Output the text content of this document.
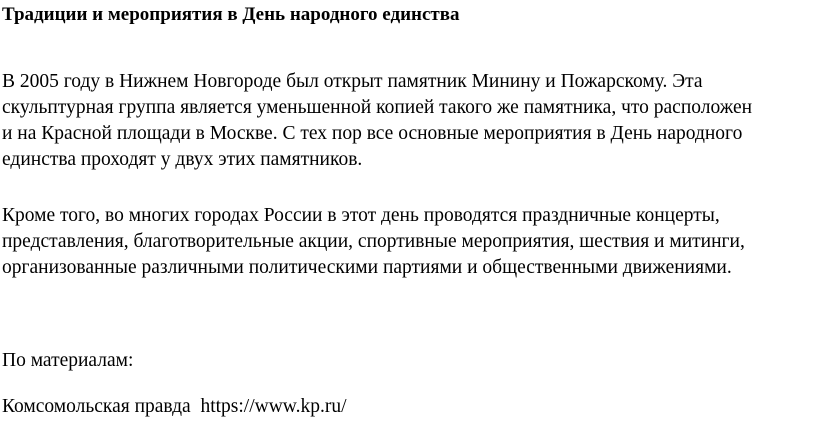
Традиции и мероприятия в День народного единства

В 2005 году в Нижнем Новгороде был открыт памятник Минину и Пожарскому. Эта
скульптурная группа является уменьшенной копией такого же памятника, что расположен
и на Красной площади в Москве. С тех пор все основные мероприятия в День народного
единства проходят у двух этих памятников.

Кроме того, во многих городах России в этот день проводятся праздничные концерты,
представления, благотворительные акции, спортивные мероприятия, шествия и митинги,
организованные различными политическими партиями и общественными движениями.

По материалам:

Комсомольская правда https://www.kp.ru/
